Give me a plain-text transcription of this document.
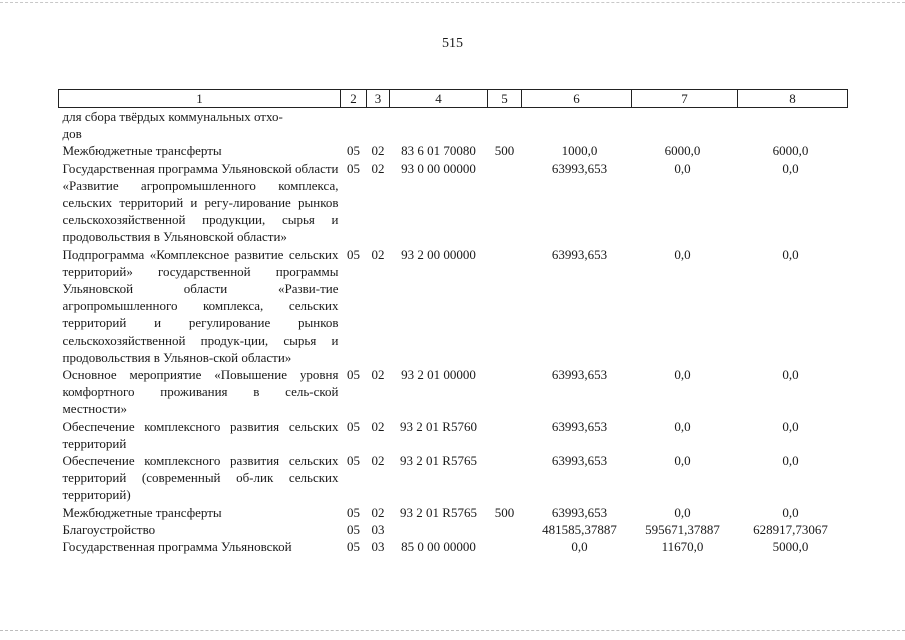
515
1	2	3	4	5	6	7	8
для сбора твёрдых коммунальных отхо-
дов							
Межбюджетные трансферты	05	02	83 6 01 70080	500	1000,0	6000,0	6000,0
Государственная программа Ульяновской области «Развитие агропромышленного комплекса, сельских территорий и регу-лирование рынков сельскохозяйственной продукции, сырья и продовольствия в Ульяновской области»	05	02	93 0 00 00000		63993,653	0,0	0,0
Подпрограмма «Комплексное развитие сельских территорий» государственной программы Ульяновской области «Разви-тие агропромышленного комплекса, сельских территорий и регулирование рынков сельскохозяйственной продук-ции, сырья и продовольствия в Ульянов-ской области»	05	02	93 2 00 00000		63993,653	0,0	0,0
Основное мероприятие «Повышение уровня комфортного проживания в сель-ской местности»	05	02	93 2 01 00000		63993,653	0,0	0,0
Обеспечение комплексного развития сельских территорий	05	02	93 2 01 R5760		63993,653	0,0	0,0
Обеспечение комплексного развития сельских территорий (современный об-лик сельских территорий)	05	02	93 2 01 R5765		63993,653	0,0	0,0
Межбюджетные трансферты	05	02	93 2 01 R5765	500	63993,653	0,0	0,0
Благоустройство	05	03			481585,37887	595671,37887	628917,73067
Государственная программа Ульяновской	05	03	85 0 00 00000		0,0	11670,0	5000,0
